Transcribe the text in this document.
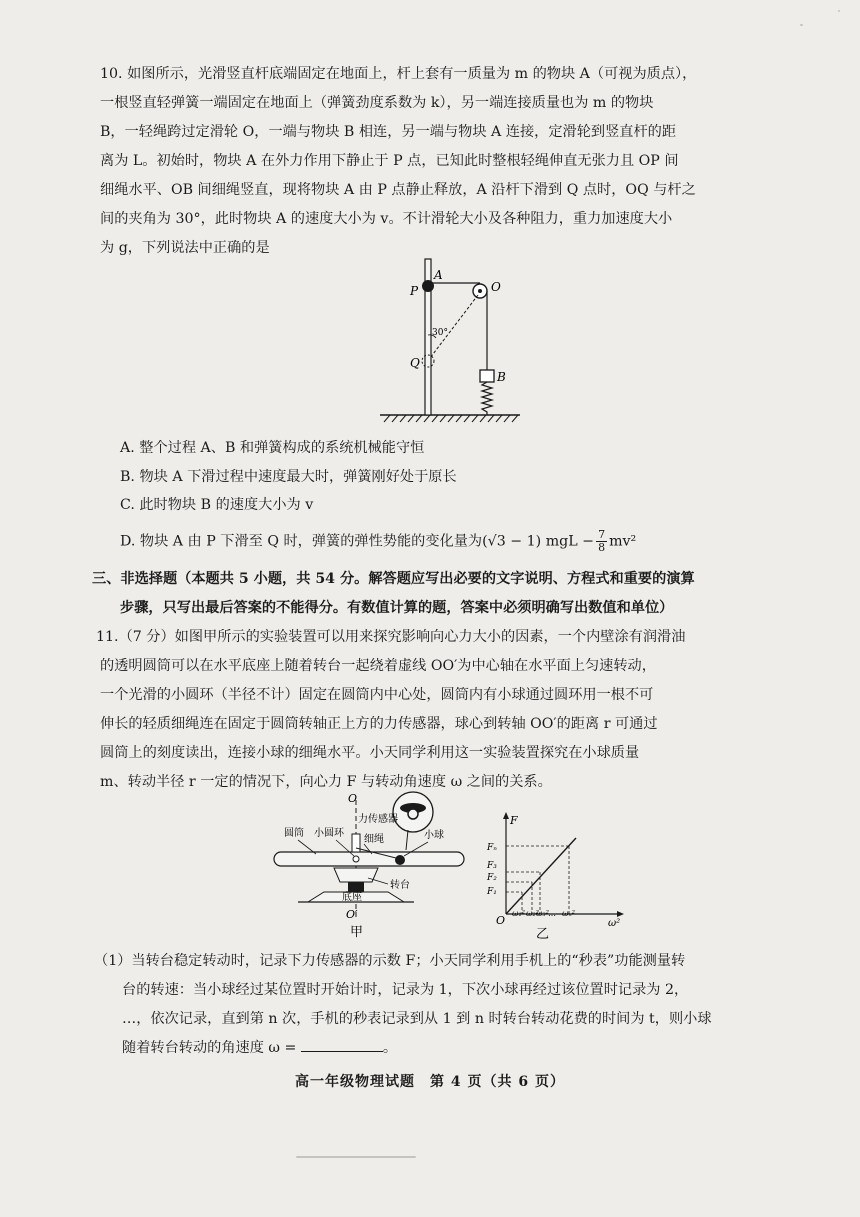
10. 如图所示，光滑竖直杆底端固定在地面上，杆上套有一质量为 m 的物块 A（可视为质点），

一根竖直轻弹簧一端固定在地面上（弹簧劲度系数为 k），另一端连接质量也为 m 的物块

B，一轻绳跨过定滑轮 O，一端与物块 B 相连，另一端与物块 A 连接，定滑轮到竖直杆的距

离为 L。初始时，物块 A 在外力作用下静止于 P 点，已知此时整根轻绳伸直无张力且 OP 间

细绳水平、OB 间细绳竖直，现将物块 A 由 P 点静止释放，A 沿杆下滑到 Q 点时，OQ 与杆之

间的夹角为 30°，此时物块 A 的速度大小为 v。不计滑轮大小及各种阻力，重力加速度大小

为 g，下列说法中正确的是

A
P	O
Q
B
30°

A. 整个过程 A、B 和弹簧构成的系统机械能守恒

B. 物块 A 下滑过程中速度最大时，弹簧刚好处于原长

C. 此时物块 B 的速度大小为 v

D. 物块 A 由 P 下滑至 Q 时，弹簧的弹性势能的变化量为(√3 − 1) mgL − $\frac{7}{8} mv^2$

三、非选择题（本题共 5 小题，共 54 分。解答题应写出必要的文字说明、方程式和重要的演算

步骤，只写出最后答案的不能得分。有数值计算的题，答案中必须明确写出数值和单位）

11.（7 分）如图甲所示的实验装置可以用来探究影响向心力大小的因素，一个内壁涂有润滑油

的透明圆筒可以在水平底座上随着转台一起绕着虚线 OO′为中心轴在水平面上匀速转动，

一个光滑的小圆环（半径不计）固定在圆筒内中心处，圆筒内有小球通过圆环用一根不可

伸长的轻质细绳连在固定于圆筒转轴正上方的力传感器，球心到转轴 OO′的距离 r 可通过

圆筒上的刻度读出，连接小球的细绳水平。小天同学利用这一实验装置探究在小球质量

m、转动半径 r 一定的情况下，向心力 F 与转动角速度 ω 之间的关系。

O
力传感器
圆筒 小圆环
细绳	小球
转台
底座
O′
甲
F
ω²
O
Fₙ
F₃
F₂
F₁
ω₁² ω₂²
ω₃² … ωₙ²
乙

（1）当转台稳定转动时，记录下力传感器的示数 F；小天同学利用手机上的“秒表”功能测量转

台的转速：当小球经过某位置时开始计时，记录为 1，下次小球再经过该位置时记录为 2，

…，依次记录，直到第 n 次，手机的秒表记录到从 1 到 n 时转台转动花费的时间为 t，则小球

随着转台转动的角速度 ω =	。

高一年级物理试题　第 4 页（共 6 页）
